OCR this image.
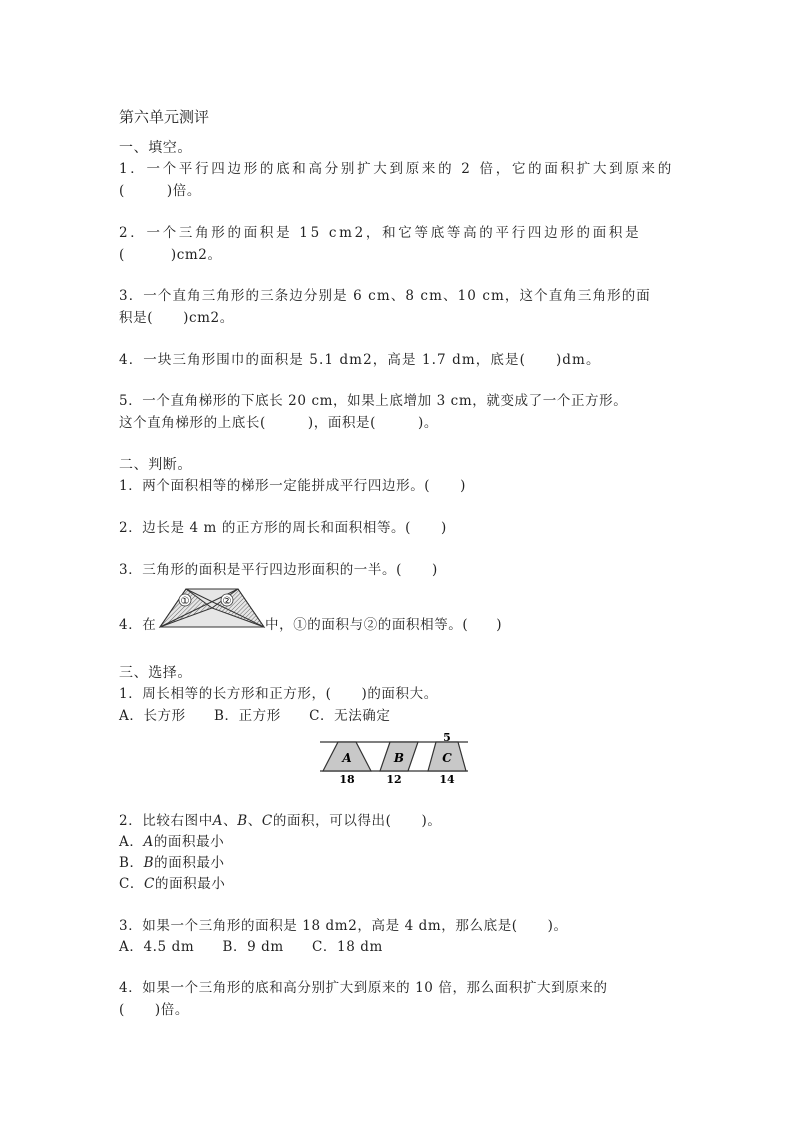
第六单元测评
一、填空。
1．一个平行四边形的底和高分别扩大到原来的 2 倍，它的面积扩大到原来的
(	)倍。
2．一个三角形的面积是 15 cm2，和它等底等高的平行四边形的面积是
(	)cm2。
3．一个直角三角形的三条边分别是 6 cm、8 cm、10 cm，这个直角三角形的面
积是( )cm2。
4．一块三角形围巾的面积是 5.1 dm2，高是 1.7 dm，底是( )dm。
5．一个直角梯形的下底长 20 cm，如果上底增加 3 cm，就变成了一个正方形。
这个直角梯形的上底长(	)，面积是(	)。
二、判断。
1．两个面积相等的梯形一定能拼成平行四边形。( )
2．边长是 4 m 的正方形的周长和面积相等。( )
3．三角形的面积是平行四边形面积的一半。( )
4．在
①	②
中，①的面积与②的面积相等。( )
三、选择。
1．周长相等的长方形和正方形，( )的面积大。
A．长方形　　B．正方形　　C．无法确定
5
A	B	C
18	12	14
2．比较右图中A、B、C的面积，可以得出( )。
A．A的面积最小
B．B的面积最小
C．C的面积最小
3．如果一个三角形的面积是 18 dm2，高是 4 dm，那么底是( )。
A．4.5 dm　　B．9 dm　　C．18 dm
4．如果一个三角形的底和高分别扩大到原来的 10 倍，那么面积扩大到原来的
( )倍。
